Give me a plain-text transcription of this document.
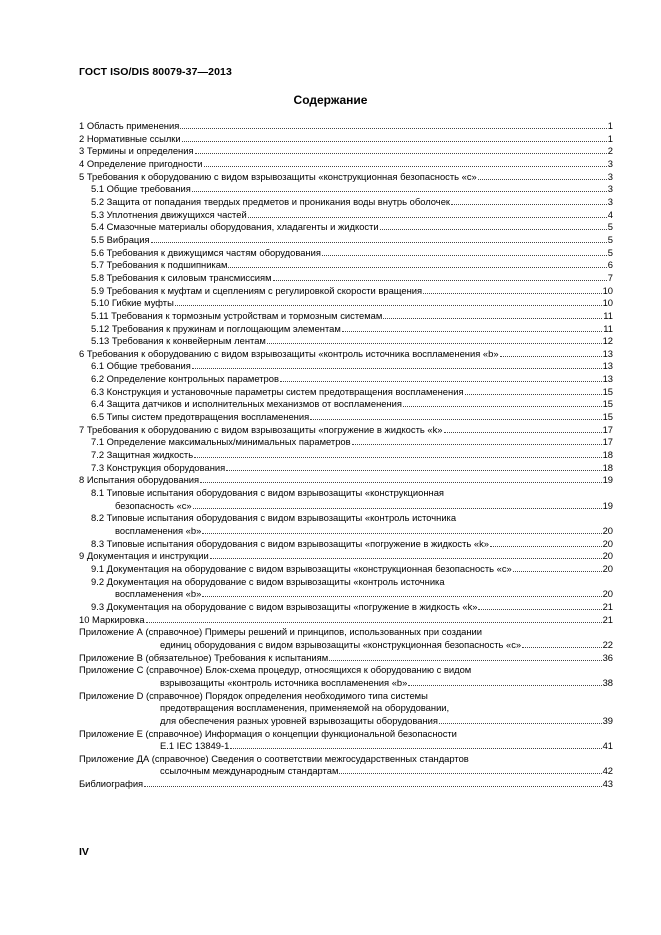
ГОСТ ISO/DIS 80079-37—2013
Содержание
1 Область применения	1
2 Нормативные ссылки	1
3 Термины и определения	2
4 Определение пригодности	3
5 Требования к оборудованию с видом взрывозащиты «конструкционная безопасность «с»	3
5.1 Общие требования	3
5.2 Защита от попадания твердых предметов и проникания воды внутрь оболочек	3
5.3 Уплотнения движущихся частей	4
5.4 Смазочные материалы оборудования, хладагенты и жидкости	5
5.5 Вибрация	5
5.6 Требования к движущимся частям оборудования	5
5.7 Требования к подшипникам	6
5.8 Требования к силовым трансмиссиям	7
5.9 Требования к муфтам и сцеплениям с регулировкой скорости вращения	10
5.10 Гибкие муфты	10
5.11 Требования к тормозным устройствам и тормозным системам	11
5.12 Требования к пружинам и поглощающим элементам	11
5.13 Требования к конвейерным лентам	12
6 Требования к оборудованию с видом взрывозащиты «контроль источника воспламенения «b»	13
6.1 Общие требования	13
6.2 Определение контрольных параметров	13
6.3 Конструкция и установочные параметры систем предотвращения воспламенения	15
6.4 Защита датчиков и исполнительных механизмов от воспламенения	15
6.5 Типы систем предотвращения воспламенения	15
7 Требования к оборудованию с видом взрывозащиты «погружение в жидкость «k»	17
7.1 Определение максимальных/минимальных параметров	17
7.2 Защитная жидкость	18
7.3 Конструкция оборудования	18
8 Испытания оборудования	19
8.1 Типовые испытания оборудования с видом взрывозащиты «конструкционная
безопасность «с»	19
8.2 Типовые испытания оборудования с видом взрывозащиты «контроль источника
воспламенения «b»	20
8.3 Типовые испытания оборудования с видом взрывозащиты «погружение в жидкость «k»	20
9 Документация и инструкции	20
9.1 Документация на оборудование с видом взрывозащиты «конструкционная безопасность «с»	20
9.2 Документация на оборудование с видом взрывозащиты «контроль источника
воспламенения «b»	20
9.3 Документация на оборудование с видом взрывозащиты «погружение в жидкость «k»	21
10 Маркировка	21
Приложение А (справочное) Примеры решений и принципов, использованных при создании
единиц оборудования с видом взрывозащиты «конструкционная безопасность «с»	22
Приложение В (обязательное) Требования к испытаниям	36
Приложение С (справочное) Блок-схема процедур, относящихся к оборудованию с видом
взрывозащиты «контроль источника воспламенения «b»	38
Приложение D (справочное) Порядок определения необходимого типа системы
предотвращения воспламенения, применяемой на оборудовании,
для обеспечения разных уровней взрывозащиты оборудования	39
Приложение Е (справочное) Информация о концепции функциональной безопасности
Е.1 IEC 13849-1	41
Приложение ДА (справочное) Сведения о соответствии межгосударственных стандартов
ссылочным международным стандартам	42
Библиография	43
IV
